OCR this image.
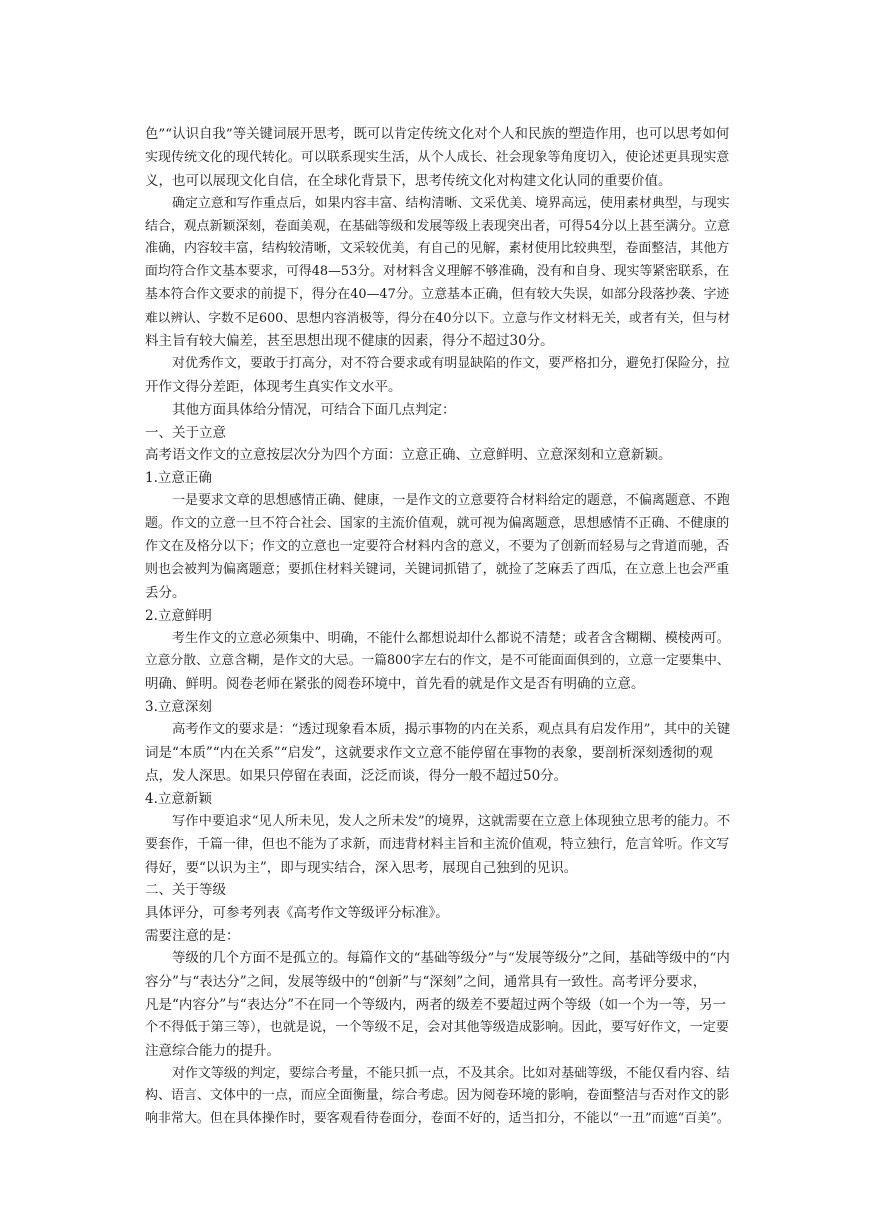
色”“认识自我”等关键词展开思考，既可以肯定传统文化对个人和民族的塑造作用，也可以思考如何
实现传统文化的现代转化。可以联系现实生活，从个人成长、社会现象等角度切入，使论述更具现实意
义，也可以展现文化自信，在全球化背景下，思考传统文化对构建文化认同的重要价值。
确定立意和写作重点后，如果内容丰富、结构清晰、文采优美、境界高远，使用素材典型，与现实
结合，观点新颖深刻，卷面美观，在基础等级和发展等级上表现突出者，可得54分以上甚至满分。立意
准确，内容较丰富，结构较清晰，文采较优美，有自己的见解，素材使用比较典型，卷面整洁，其他方
面均符合作文基本要求，可得48—53分。对材料含义理解不够准确，没有和自身、现实等紧密联系，在
基本符合作文要求的前提下，得分在40—47分。立意基本正确，但有较大失误，如部分段落抄袭、字迹
难以辨认、字数不足600、思想内容消极等，得分在40分以下。立意与作文材料无关，或者有关，但与材
料主旨有较大偏差，甚至思想出现不健康的因素，得分不超过30分。
对优秀作文，要敢于打高分，对不符合要求或有明显缺陷的作文，要严格扣分，避免打保险分，拉
开作文得分差距，体现考生真实作文水平。
其他方面具体给分情况，可结合下面几点判定：
一、关于立意
高考语文作文的立意按层次分为四个方面：立意正确、立意鲜明、立意深刻和立意新颖。
1.立意正确
一是要求文章的思想感情正确、健康，一是作文的立意要符合材料给定的题意，不偏离题意、不跑
题。作文的立意一旦不符合社会、国家的主流价值观，就可视为偏离题意，思想感情不正确、不健康的
作文在及格分以下；作文的立意也一定要符合材料内含的意义，不要为了创新而轻易与之背道而驰，否
则也会被判为偏离题意；要抓住材料关键词，关键词抓错了，就捡了芝麻丢了西瓜，在立意上也会严重
丢分。
2.立意鲜明
考生作文的立意必须集中、明确，不能什么都想说却什么都说不清楚；或者含含糊糊、模棱两可。
立意分散、立意含糊，是作文的大忌。一篇800字左右的作文，是不可能面面俱到的，立意一定要集中、
明确、鲜明。阅卷老师在紧张的阅卷环境中，首先看的就是作文是否有明确的立意。
3.立意深刻
高考作文的要求是：“透过现象看本质，揭示事物的内在关系，观点具有启发作用”，其中的关键
词是“本质”“内在关系”“启发”，这就要求作文立意不能停留在事物的表象，要剖析深刻透彻的观
点，发人深思。如果只停留在表面，泛泛而谈，得分一般不超过50分。
4.立意新颖
写作中要追求“见人所未见，发人之所未发”的境界，这就需要在立意上体现独立思考的能力。不
要套作，千篇一律，但也不能为了求新，而违背材料主旨和主流价值观，特立独行，危言耸听。作文写
得好，要“以识为主”，即与现实结合，深入思考，展现自己独到的见识。
二、关于等级
具体评分，可参考列表《高考作文等级评分标准》。
需要注意的是：
等级的几个方面不是孤立的。每篇作文的“基础等级分”与“发展等级分”之间，基础等级中的“内
容分”与“表达分”之间，发展等级中的“创新”与“深刻”之间，通常具有一致性。高考评分要求，
凡是“内容分”与“表达分”不在同一个等级内，两者的级差不要超过两个等级（如一个为一等，另一
个不得低于第三等），也就是说，一个等级不足，会对其他等级造成影响。因此，要写好作文，一定要
注意综合能力的提升。
对作文等级的判定，要综合考量，不能只抓一点，不及其余。比如对基础等级，不能仅看内容、结
构、语言、文体中的一点，而应全面衡量，综合考虑。因为阅卷环境的影响，卷面整洁与否对作文的影
响非常大。但在具体操作时，要客观看待卷面分，卷面不好的，适当扣分，不能以“一丑”而遮“百美”。
